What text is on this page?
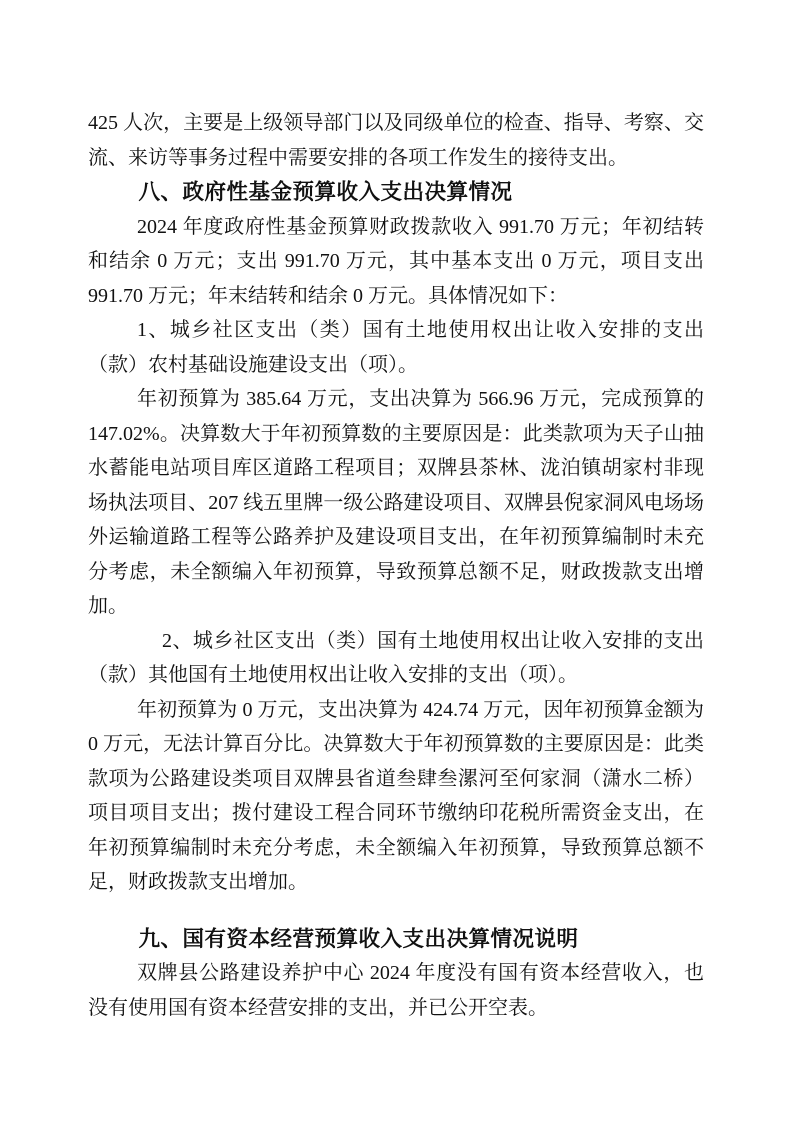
425 人次，主要是上级领导部门以及同级单位的检查、指导、考察、交流、来访等事务过程中需要安排的各项工作发生的接待支出。

八、政府性基金预算收入支出决算情况

2024 年度政府性基金预算财政拨款收入 991.70 万元；年初结转和结余 0 万元；支出 991.70 万元，其中基本支出 0 万元，项目支出 991.70 万元；年末结转和结余 0 万元。具体情况如下：

1、城乡社区支出（类）国有土地使用权出让收入安排的支出（款）农村基础设施建设支出（项）。

年初预算为 385.64 万元，支出决算为 566.96 万元，完成预算的 147.02%。决算数大于年初预算数的主要原因是：此类款项为天子山抽水蓄能电站项目库区道路工程项目；双牌县茶林、泷泊镇胡家村非现场执法项目、207 线五里牌一级公路建设项目、双牌县倪家洞风电场场外运输道路工程等公路养护及建设项目支出，在年初预算编制时未充分考虑，未全额编入年初预算，导致预算总额不足，财政拨款支出增加。

2、城乡社区支出（类）国有土地使用权出让收入安排的支出（款）其他国有土地使用权出让收入安排的支出（项）。

年初预算为 0 万元，支出决算为 424.74 万元，因年初预算金额为 0 万元，无法计算百分比。决算数大于年初预算数的主要原因是：此类款项为公路建设类项目双牌县省道叁肆叁漯河至何家洞（潇水二桥）项目项目支出；拨付建设工程合同环节缴纳印花税所需资金支出，在年初预算编制时未充分考虑，未全额编入年初预算，导致预算总额不足，财政拨款支出增加。

九、国有资本经营预算收入支出决算情况说明

双牌县公路建设养护中心 2024 年度没有国有资本经营收入，也没有使用国有资本经营安排的支出，并已公开空表。
